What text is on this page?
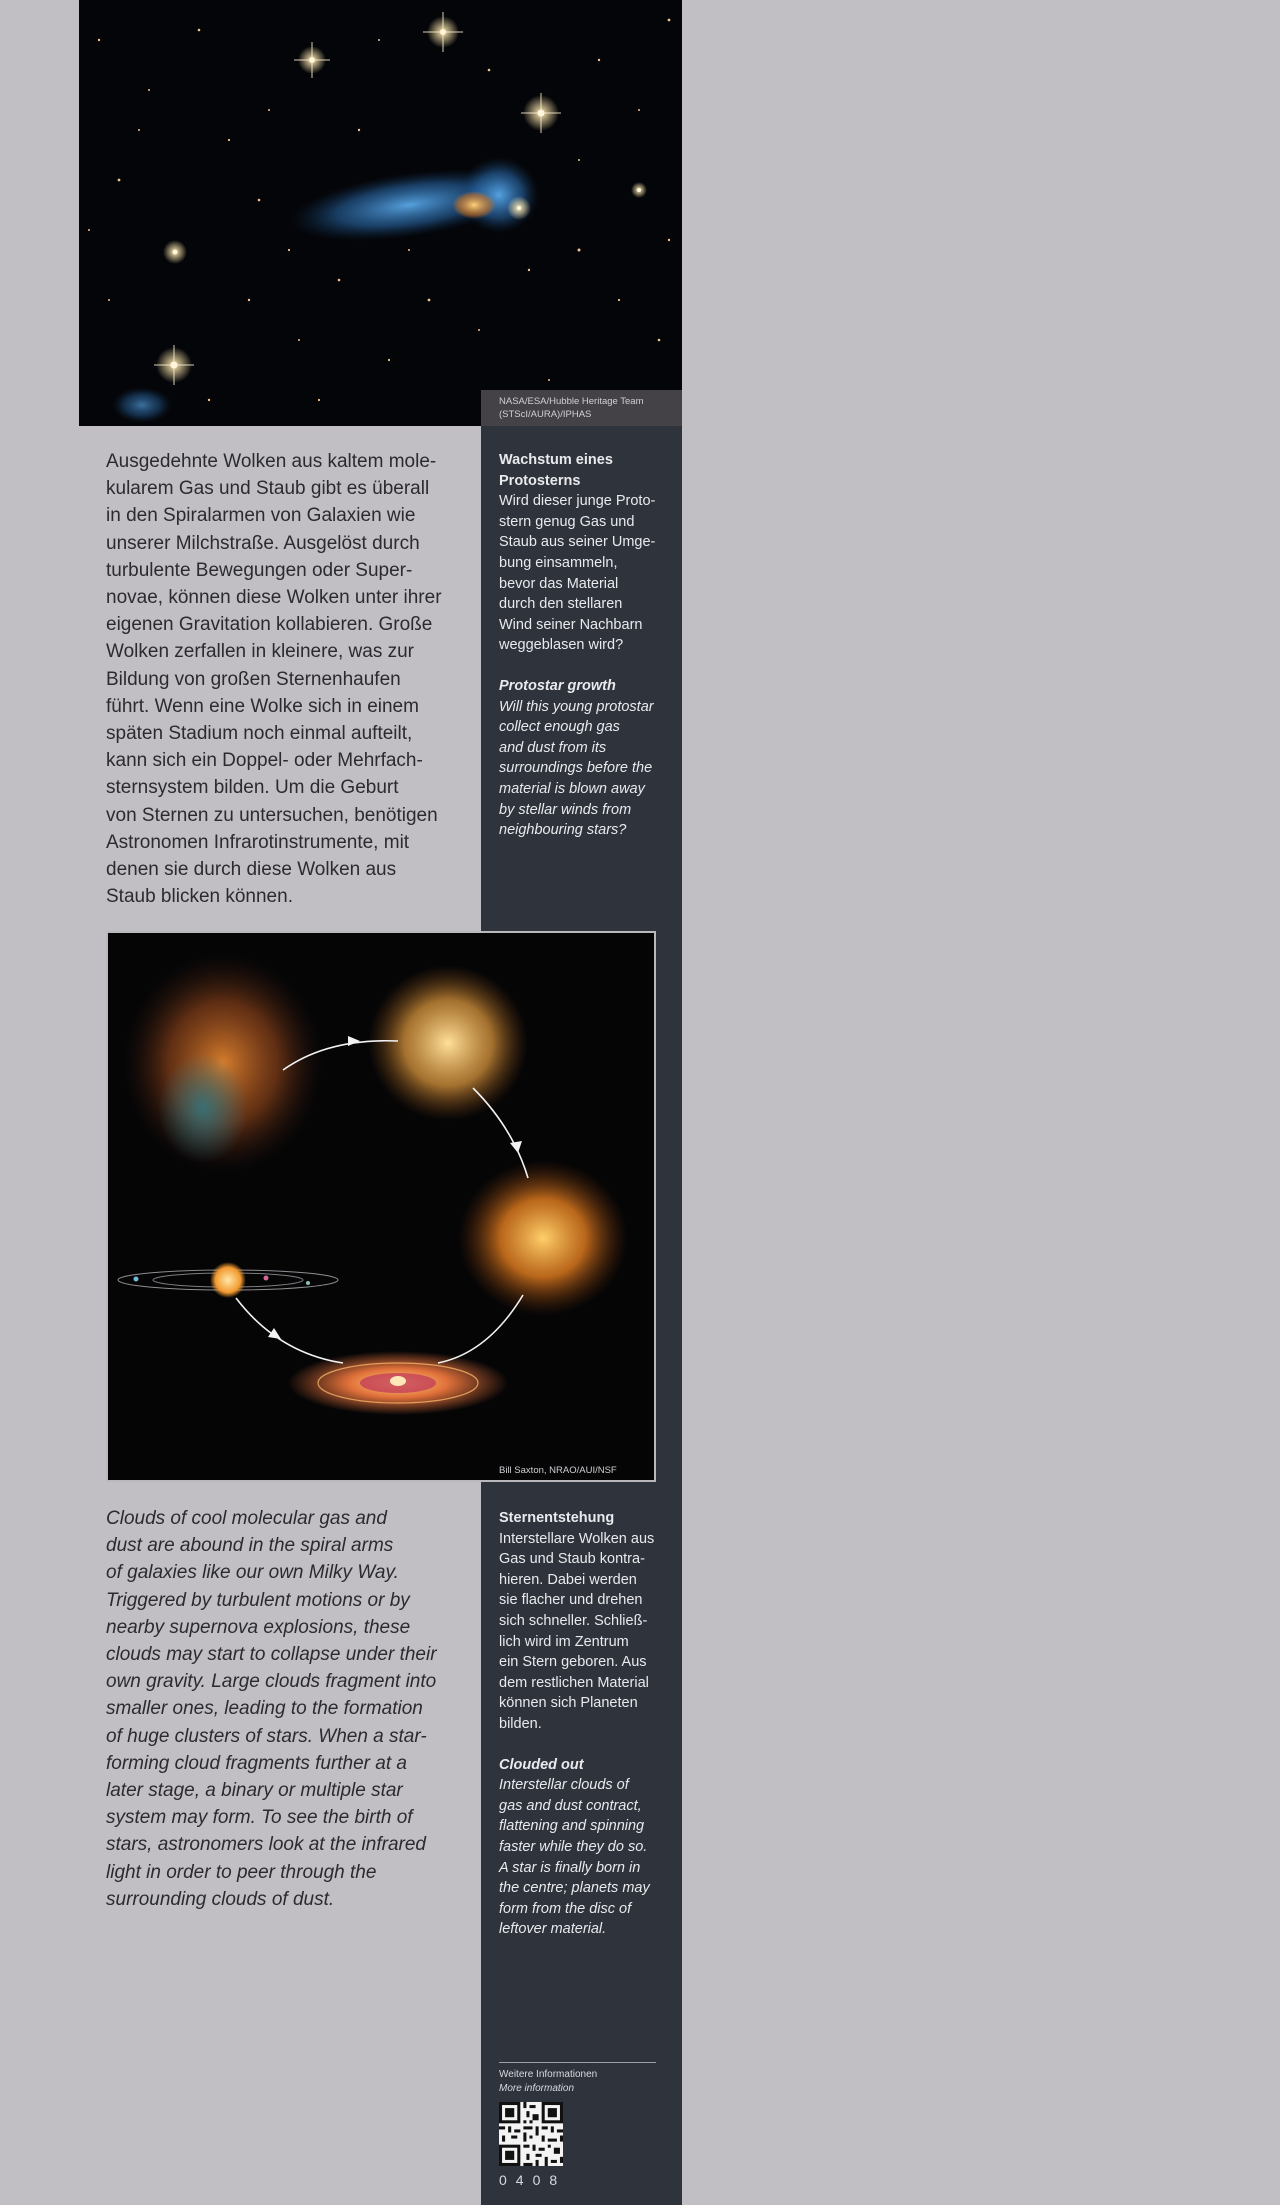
NASA/ESA/Hubble Heritage Team
(STScI/AURA)/IPHAS
Ausgedehnte Wolken aus kaltem mole-
kularem Gas und Staub gibt es überall
in den Spiralarmen von Galaxien wie
unserer Milchstraße. Ausgelöst durch
turbulente Bewegungen oder Super-
novae, können diese Wolken unter ihrer
eigenen Gravitation kollabieren. Große
Wolken zerfallen in kleinere, was zur
Bildung von großen Sternenhaufen
führt. Wenn eine Wolke sich in einem
späten Stadium noch einmal aufteilt,
kann sich ein Doppel- oder Mehrfach-
sternsystem bilden. Um die Geburt
von Sternen zu untersuchen, benötigen
Astronomen Infrarotinstrumente, mit
denen sie durch diese Wolken aus
Staub blicken können.

Wachstum eines
Protosterns

Wird dieser junge Proto-
stern genug Gas und
Staub aus seiner Umge-
bung einsammeln,
bevor das Material
durch den stellaren
Wind seiner Nachbarn
weggeblasen wird?

Protostar growth

Will this young protostar
collect enough gas
and dust from its
surroundings before the
material is blown away
by stellar winds from
neighbouring stars?

Bill Saxton, NRAO/AUI/NSF
Clouds of cool molecular gas and
dust are abound in the spiral arms
of galaxies like our own Milky Way.
Triggered by turbulent motions or by
nearby supernova explosions, these
clouds may start to collapse under their
own gravity. Large clouds fragment into
smaller ones, leading to the formation
of huge clusters of stars. When a star-
forming cloud fragments further at a
later stage, a binary or multiple star
system may form. To see the birth of
stars, astronomers look at the infrared
light in order to peer through the
surrounding clouds of dust.

Sternentstehung

Interstellare Wolken aus
Gas und Staub kontra-
hieren. Dabei werden
sie flacher und drehen
sich schneller. Schließ-
lich wird im Zentrum
ein Stern geboren. Aus
dem restlichen Material
können sich Planeten
bilden.

Clouded out

Interstellar clouds of
gas and dust contract,
flattening and spinning
faster while they do so.
A star is finally born in
the centre; planets may
form from the disc of
leftover material.

Weitere Informationen
More information
0408
